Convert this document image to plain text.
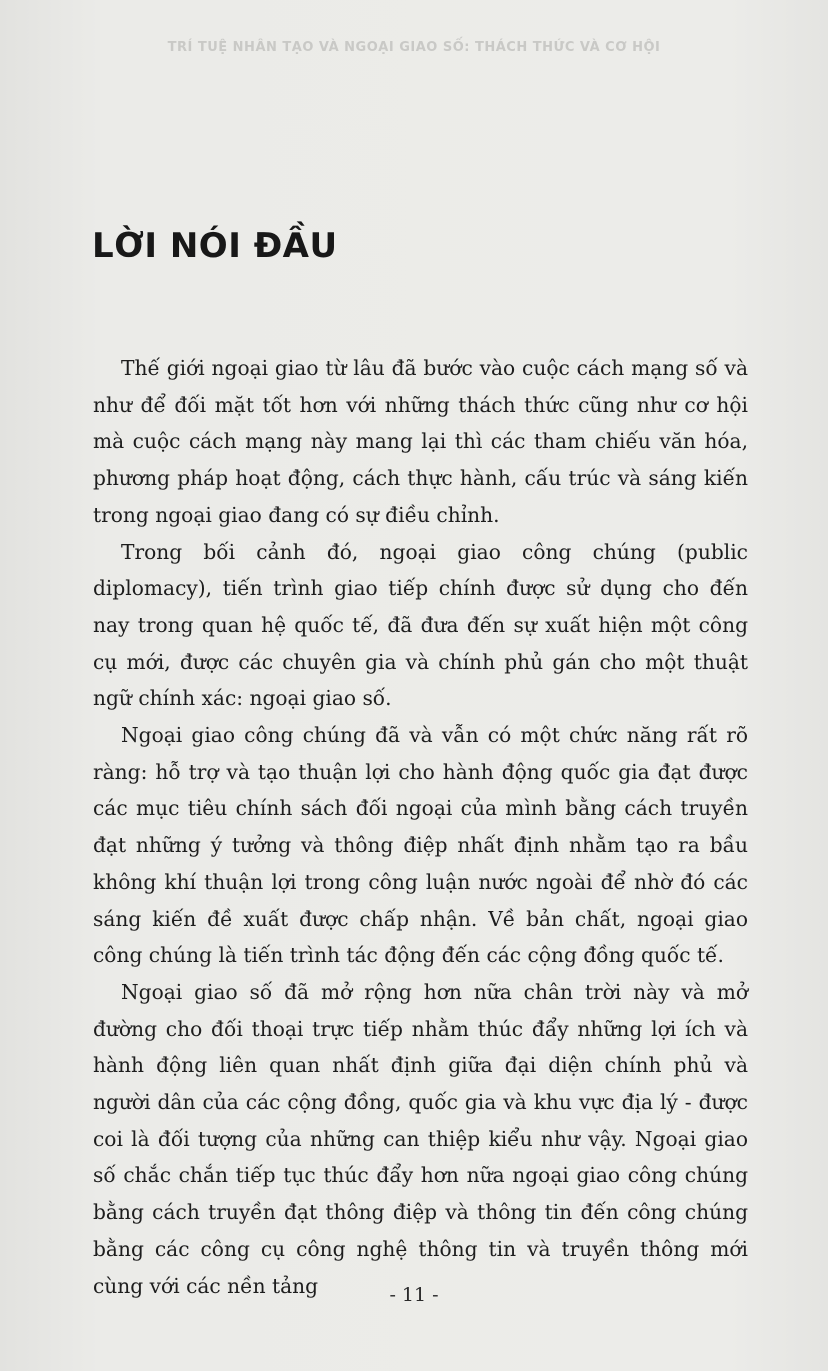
TRÍ TUỆ NHÂN TẠO VÀ NGOẠI GIAO SỐ: THÁCH THỨC VÀ CƠ HỘI
LỜI NÓI ĐẦU

Thế giới ngoại giao từ lâu đã bước vào cuộc cách mạng số và như để đối mặt tốt hơn với những thách thức cũng như cơ hội mà cuộc cách mạng này mang lại thì các tham chiếu văn hóa, phương pháp hoạt động, cách thực hành, cấu trúc và sáng kiến trong ngoại giao đang có sự điều chỉnh.

Trong bối cảnh đó, ngoại giao công chúng (public diplomacy), tiến trình giao tiếp chính được sử dụng cho đến nay trong quan hệ quốc tế, đã đưa đến sự xuất hiện một công cụ mới, được các chuyên gia và chính phủ gán cho một thuật ngữ chính xác: ngoại giao số.

Ngoại giao công chúng đã và vẫn có một chức năng rất rõ ràng: hỗ trợ và tạo thuận lợi cho hành động quốc gia đạt được các mục tiêu chính sách đối ngoại của mình bằng cách truyền đạt những ý tưởng và thông điệp nhất định nhằm tạo ra bầu không khí thuận lợi trong công luận nước ngoài để nhờ đó các sáng kiến đề xuất được chấp nhận. Về bản chất, ngoại giao công chúng là tiến trình tác động đến các cộng đồng quốc tế.

Ngoại giao số đã mở rộng hơn nữa chân trời này và mở đường cho đối thoại trực tiếp nhằm thúc đẩy những lợi ích và hành động liên quan nhất định giữa đại diện chính phủ và người dân của các cộng đồng, quốc gia và khu vực địa lý - được coi là đối tượng của những can thiệp kiểu như vậy. Ngoại giao số chắc chắn tiếp tục thúc đẩy hơn nữa ngoại giao công chúng bằng cách truyền đạt thông điệp và thông tin đến công chúng bằng các công cụ công nghệ thông tin và truyền thông mới cùng với các nền tảng	- 11 -
